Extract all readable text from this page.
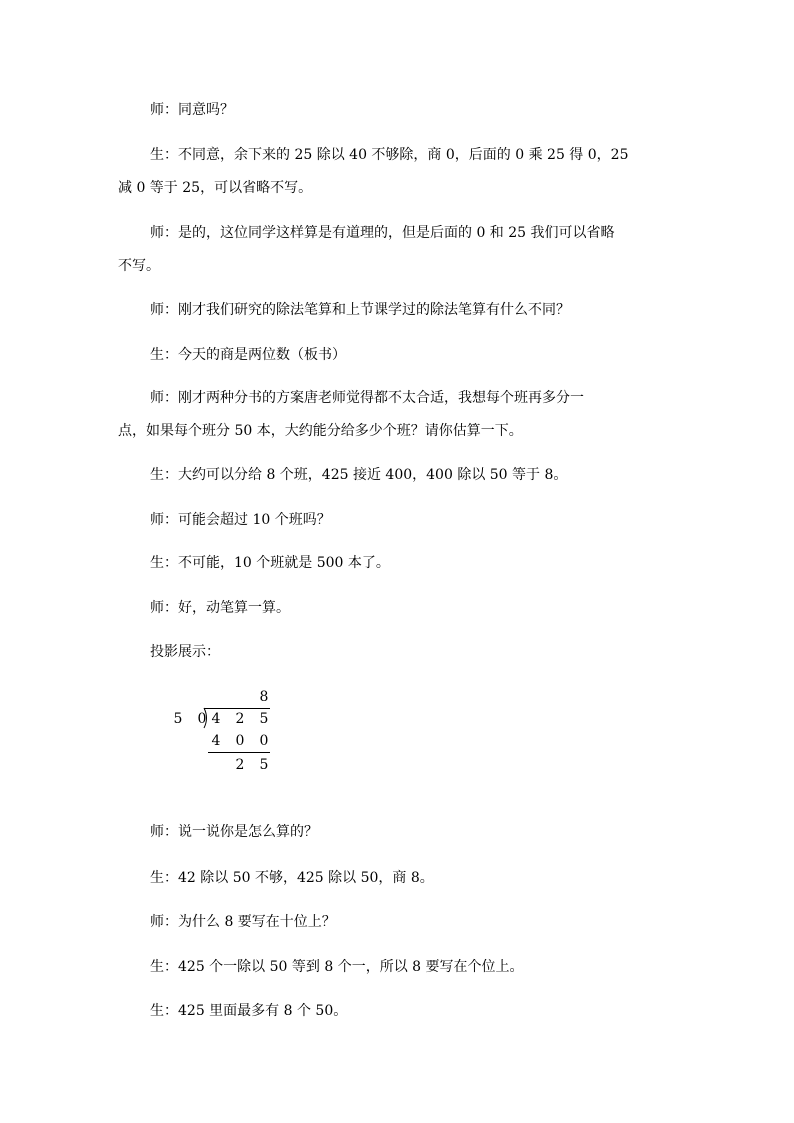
师：同意吗？
生：不同意，余下来的 25 除以 40 不够除，商 0，后面的 0 乘 25 得 0，25
减 0 等于 25，可以省略不写。
师：是的，这位同学这样算是有道理的，但是后面的 0 和 25 我们可以省略
不写。
师：刚才我们研究的除法笔算和上节课学过的除法笔算有什么不同？
生：今天的商是两位数（板书）
师：刚才两种分书的方案唐老师觉得都不太合适，我想每个班再多分一
点，如果每个班分 50 本，大约能分给多少个班？请你估算一下。
生：大约可以分给 8 个班，425 接近 400，400 除以 50 等于 8。
师：可能会超过 10 个班吗？
生：不可能，10 个班就是 500 本了。
师：好，动笔算一算。
投影展示：
8
5 0 4 2 5
4 0 0
2 5
师：说一说你是怎么算的？
生：42 除以 50 不够，425 除以 50，商 8。
师：为什么 8 要写在十位上？
生：425 个一除以 50 等到 8 个一，所以 8 要写在个位上。
生：425 里面最多有 8 个 50。
